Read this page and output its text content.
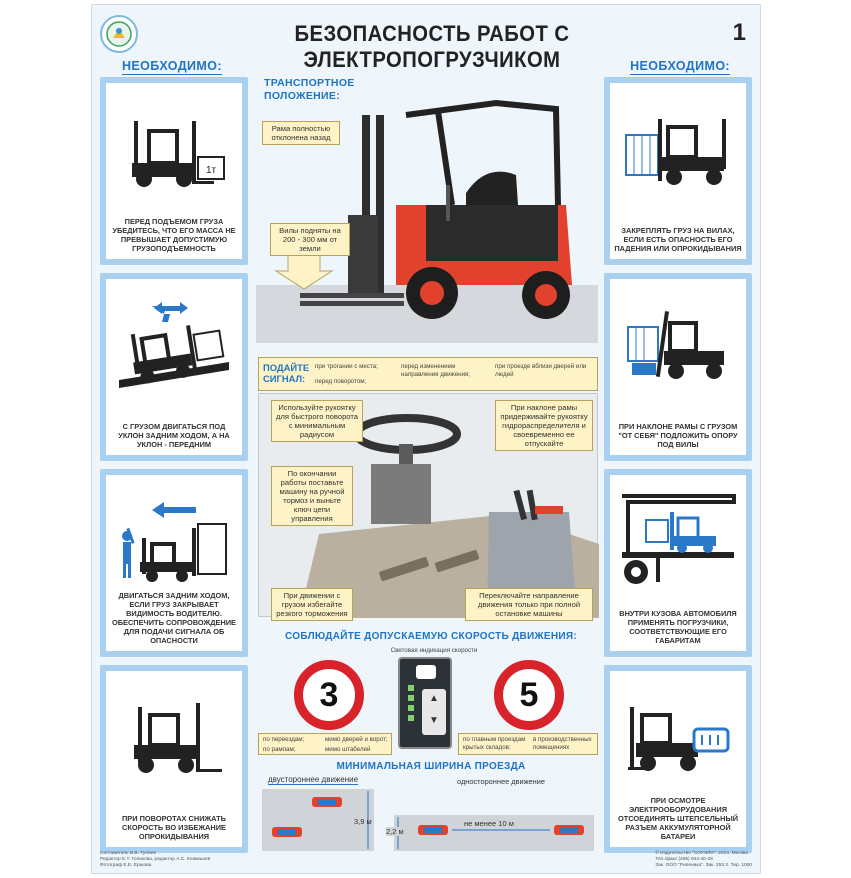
БЕЗОПАСНОСТЬ РАБОТ С ЭЛЕКТРОПОГРУЗЧИКОМ
1
НЕОБХОДИМО:	НЕОБХОДИМО:
1т
ПЕРЕД ПОДЪЕМОМ ГРУЗА УБЕДИТЕСЬ, ЧТО ЕГО МАССА НЕ ПРЕВЫШАЕТ ДОПУСТИМУЮ ГРУЗОПОДЪЕМНОСТЬ
С ГРУЗОМ ДВИГАТЬСЯ ПОД УКЛОН ЗАДНИМ ХОДОМ, А НА УКЛОН - ПЕРЕДНИМ
ДВИГАТЬСЯ ЗАДНИМ ХОДОМ, ЕСЛИ ГРУЗ ЗАКРЫВАЕТ ВИДИМОСТЬ ВОДИТЕЛЮ. ОБЕСПЕЧИТЬ СОПРОВОЖДЕНИЕ ДЛЯ ПОДАЧИ СИГНАЛА ОБ ОПАСНОСТИ
ПРИ ПОВОРОТАХ СНИЖАТЬ СКОРОСТЬ ВО ИЗБЕЖАНИЕ ОПРОКИДЫВАНИЯ
ЗАКРЕПЛЯТЬ ГРУЗ НА ВИЛАХ, ЕСЛИ ЕСТЬ ОПАСНОСТЬ ЕГО ПАДЕНИЯ ИЛИ ОПРОКИДЫВАНИЯ
ПРИ НАКЛОНЕ РАМЫ С ГРУЗОМ "ОТ СЕБЯ" ПОДЛОЖИТЬ ОПОРУ ПОД ВИЛЫ
ВНУТРИ КУЗОВА АВТОМОБИЛЯ ПРИМЕНЯТЬ ПОГРУЗЧИКИ, СООТВЕТСТВУЮЩИЕ ЕГО ГАБАРИТАМ
ПРИ ОСМОТРЕ ЭЛЕКТРООБОРУДОВАНИЯ ОТСОЕДИНЯТЬ ШТЕПСЕЛЬНЫЙ РАЗЪЕМ АККУМУЛЯТОРНОЙ БАТАРЕИ
ТРАНСПОРТНОЕ ПОЛОЖЕНИЕ:
Рама полностью отклонена назад
Вилы подняты на 200 - 300 мм от земли
ПОДАЙТЕ СИГНАЛ:
при трогании с места;
перед поворотом;
перед изменением направления движения;
при проезде вблизи дверей или людей
Используйте рукоятку для быстрого поворота с минимальным радиусом
По окончании работы поставьте машину на ручной тормоз и выньте ключ цепи управления
При наклоне рамы придерживайте рукоятку гидрораспределителя и своевременно ее отпускайте
При движении с грузом избегайте резкого торможения
Переключайте направление движения только при полной остановке машины
СОБЛЮДАЙТЕ ДОПУСКАЕМУЮ СКОРОСТЬ ДВИЖЕНИЯ:
Световая индикация скорости
3	5
▲
▼
по переездам;
по рампам;
мимо дверей и ворот;
мимо штабелей
по главным проездам крытых складов;
в производственных помещениях
МИНИМАЛЬНАЯ ШИРИНА ПРОЕЗДА
двустороннее движение	одностороннее движение
3,9 м
2,2 м
не менее 10 м
Составитель В.В. Тулаев
Редактор Е.Т. Голикова, редактор А.С. Климашев
Фотограф Е.Е. Ершова
© Издательство "СОУЭЛО", 2014, Москва
Тел./факс (495) 944-40-28
Зак. ООО "Рипеника". Зак. 253.3. Тир. 1000
